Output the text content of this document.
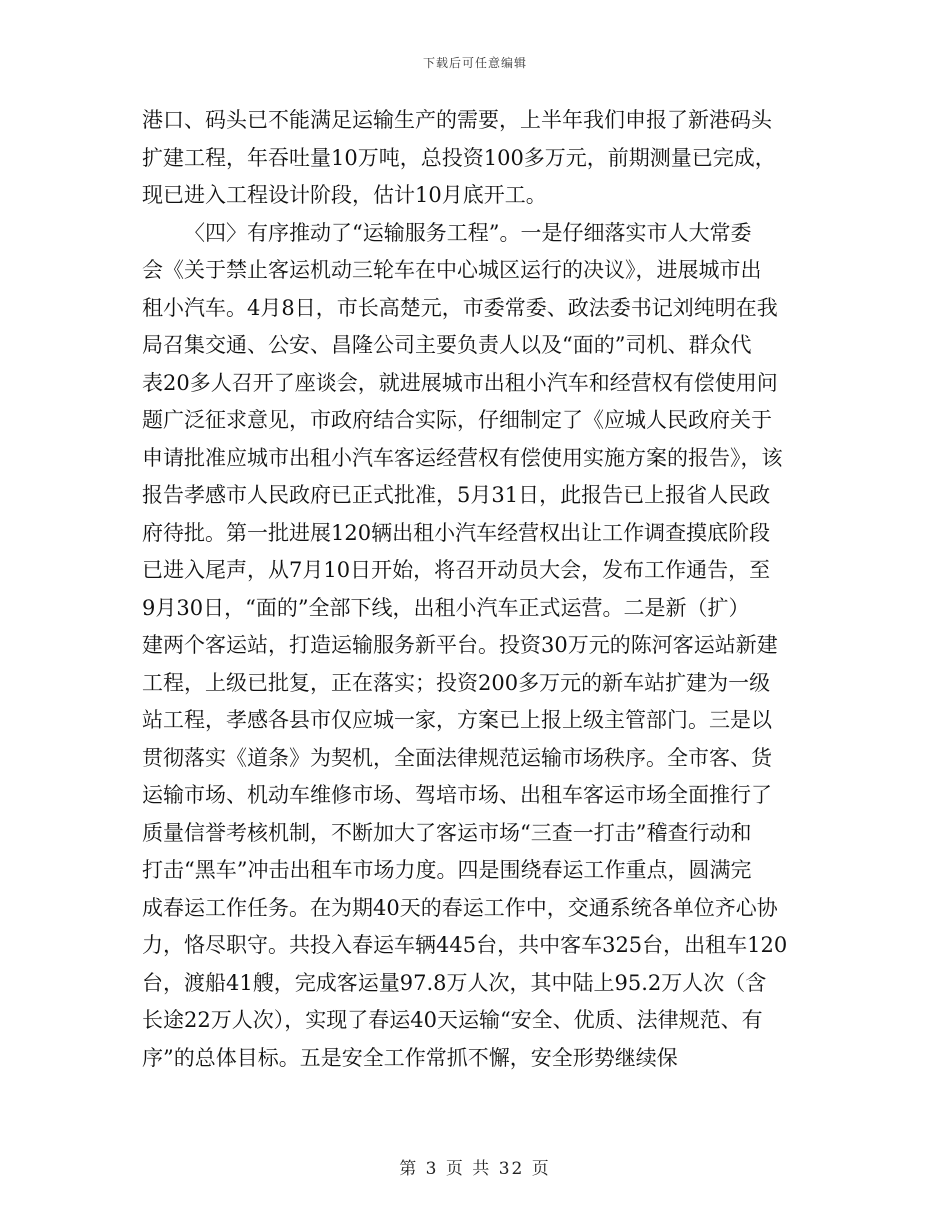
下载后可任意编辑
港口、码头已不能满足运输生产的需要，上半年我们申报了新港码头
扩建工程，年吞吐量10万吨，总投资100多万元，前期测量已完成，
现已进入工程设计阶段，估计10月底开工。
〈四〉有序推动了“运输服务工程”。一是仔细落实市人大常委
会《关于禁止客运机动三轮车在中心城区运行的决议》，进展城市出
租小汽车。4月8日，市长高楚元，市委常委、政法委书记刘纯明在我
局召集交通、公安、昌隆公司主要负责人以及“面的”司机、群众代
表20多人召开了座谈会，就进展城市出租小汽车和经营权有偿使用问
题广泛征求意见，市政府结合实际，仔细制定了《应城人民政府关于
申请批准应城市出租小汽车客运经营权有偿使用实施方案的报告》，该
报告孝感市人民政府已正式批准，5月31日，此报告已上报省人民政
府待批。第一批进展120辆出租小汽车经营权出让工作调查摸底阶段
已进入尾声，从7月10日开始，将召开动员大会，发布工作通告，至
9月30日，“面的”全部下线，出租小汽车正式运营。二是新（扩）
建两个客运站，打造运输服务新平台。投资30万元的陈河客运站新建
工程，上级已批复，正在落实；投资200多万元的新车站扩建为一级
站工程，孝感各县市仅应城一家，方案已上报上级主管部门。三是以
贯彻落实《道条》为契机，全面法律规范运输市场秩序。全市客、货
运输市场、机动车维修市场、驾培市场、出租车客运市场全面推行了
质量信誉考核机制，不断加大了客运市场“三查一打击”稽查行动和
打击“黑车”冲击出租车市场力度。四是围绕春运工作重点，圆满完
成春运工作任务。在为期40天的春运工作中，交通系统各单位齐心协
力，恪尽职守。共投入春运车辆445台，共中客车325台，出租车120
台，渡船41艘，完成客运量97.8万人次，其中陆上95.2万人次（含
长途22万人次），实现了春运40天运输“安全、优质、法律规范、有
序”的总体目标。五是安全工作常抓不懈，安全形势继续保
第 3 页 共 32 页
